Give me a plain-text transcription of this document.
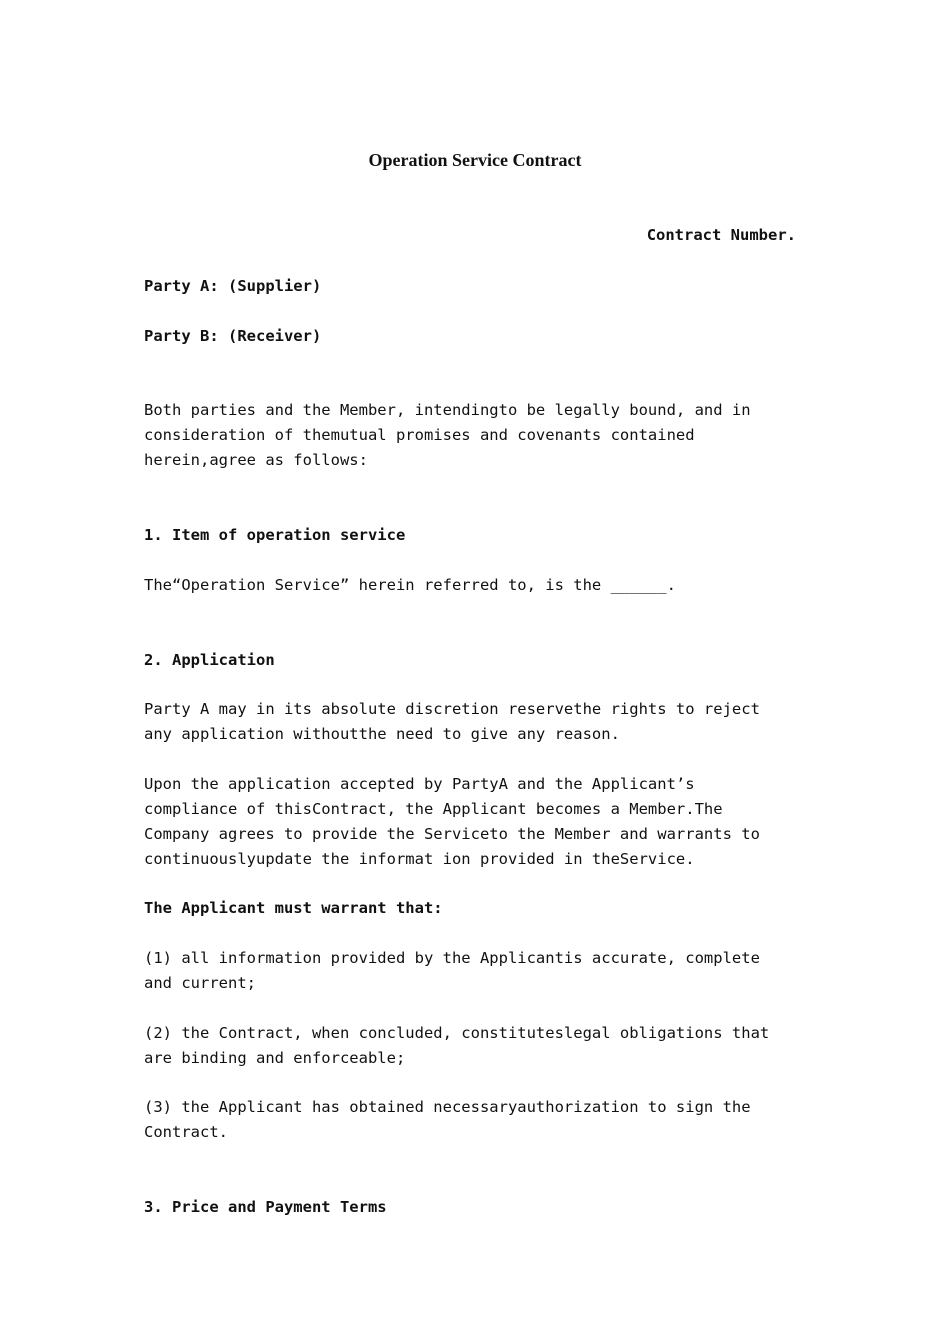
Operation Service Contract
Contract Number.

Party A: (Supplier)

Party B: (Receiver)

Both parties and the Member, intendingto be legally bound, and in
consideration of themutual promises and covenants contained
herein,agree as follows:

1. Item of operation service

The“Operation Service” herein referred to, is the ______.

2. Application

Party A may in its absolute discretion reservethe rights to reject
any application withoutthe need to give any reason.

Upon the application accepted by PartyA and the Applicant’s
compliance of thisContract, the Applicant becomes a Member.The
Company agrees to provide the Serviceto the Member and warrants to
continuouslyupdate the informat ion provided in theService.

The Applicant must warrant that:

(1) all information provided by the Applicantis accurate, complete
and current;

(2) the Contract, when concluded, constituteslegal obligations that
are binding and enforceable;

(3) the Applicant has obtained necessaryauthorization to sign the
Contract.

3. Price and Payment Terms
